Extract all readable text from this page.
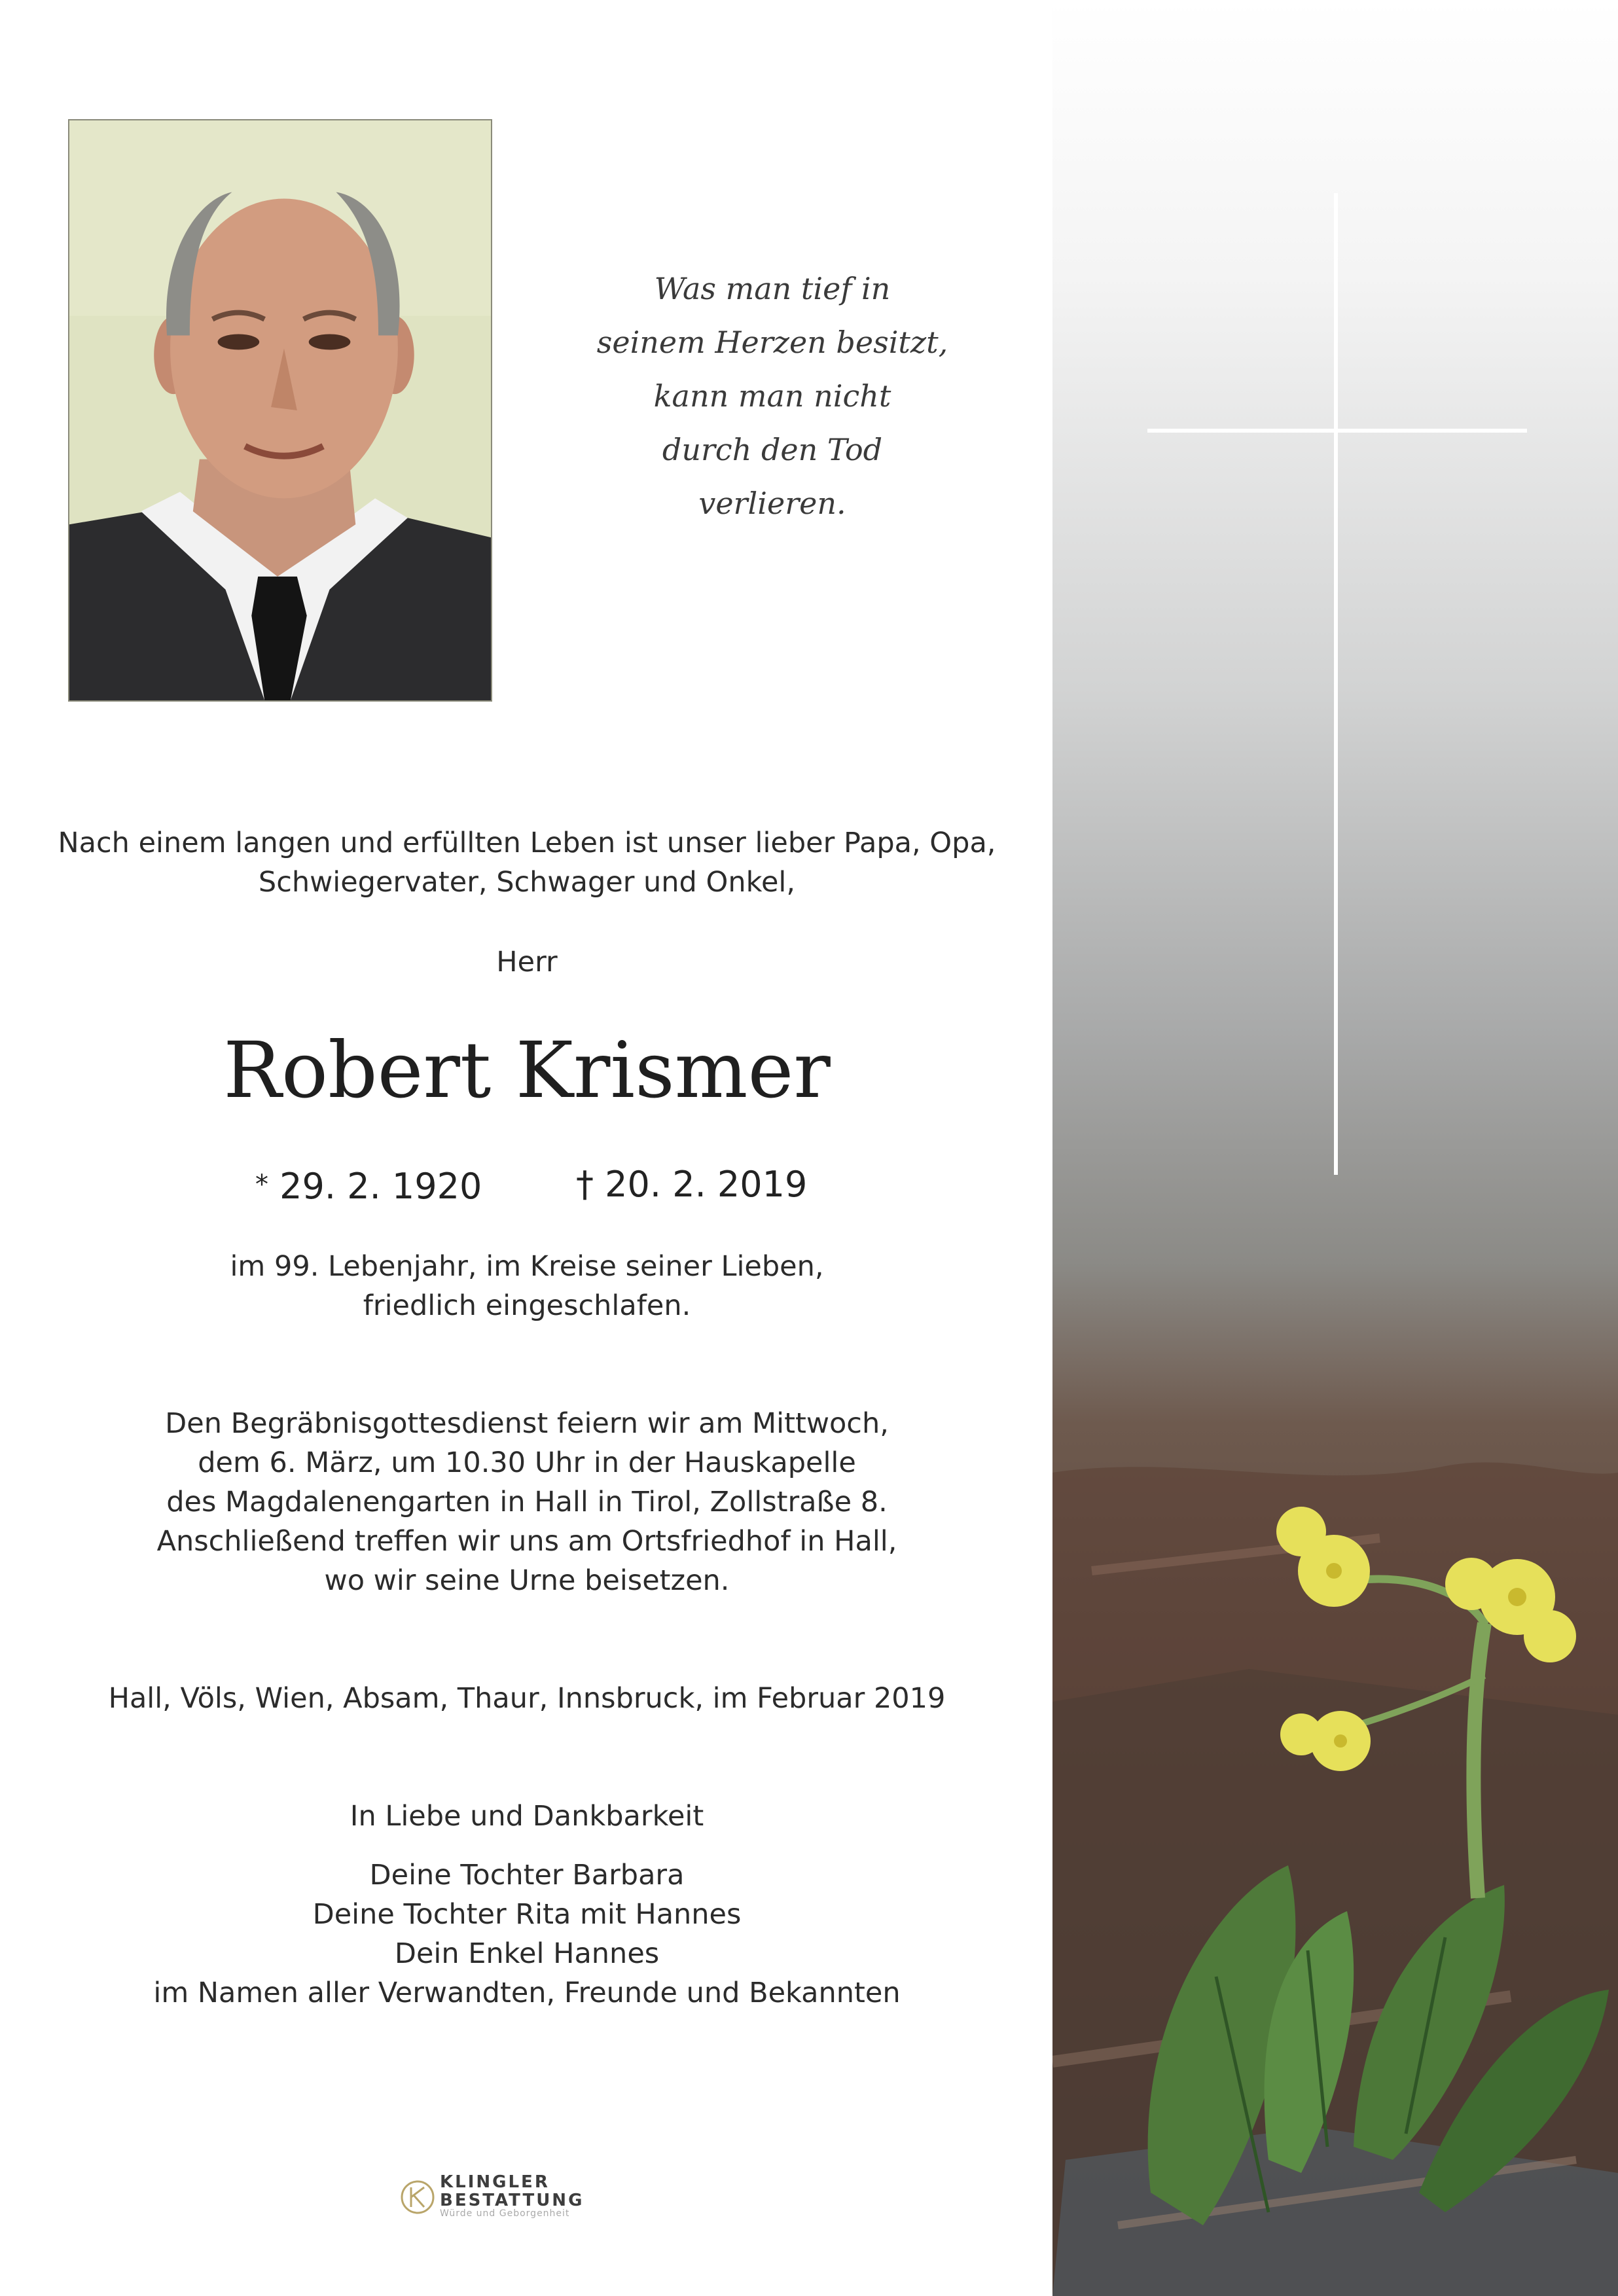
Was man tief in
seinem Herzen besitzt,
kann man nicht
durch den Tod
verlieren.
Nach einem langen und erfüllten Leben ist unser lieber Papa, Opa,
Schwiegervater, Schwager und Onkel,
Herr
Robert Krismer
* 29. 2. 1920	† 20. 2. 2019
im 99. Lebenjahr, im Kreise seiner Lieben,
friedlich eingeschlafen.
Den Begräbnisgottesdienst feiern wir am Mittwoch,
dem 6. März, um 10.30 Uhr in der Hauskapelle
des Magdalenengarten in Hall in Tirol, Zollstraße 8.
Anschließend treffen wir uns am Ortsfriedhof in Hall,
wo wir seine Urne beisetzen.
Hall, Völs, Wien, Absam, Thaur, Innsbruck, im Februar 2019
In Liebe und Dankbarkeit
Deine Tochter Barbara
Deine Tochter Rita mit Hannes
Dein Enkel Hannes
im Namen aller Verwandten, Freunde und Bekannten
KLINGLER
BESTATTUNG
Würde und Geborgenheit
